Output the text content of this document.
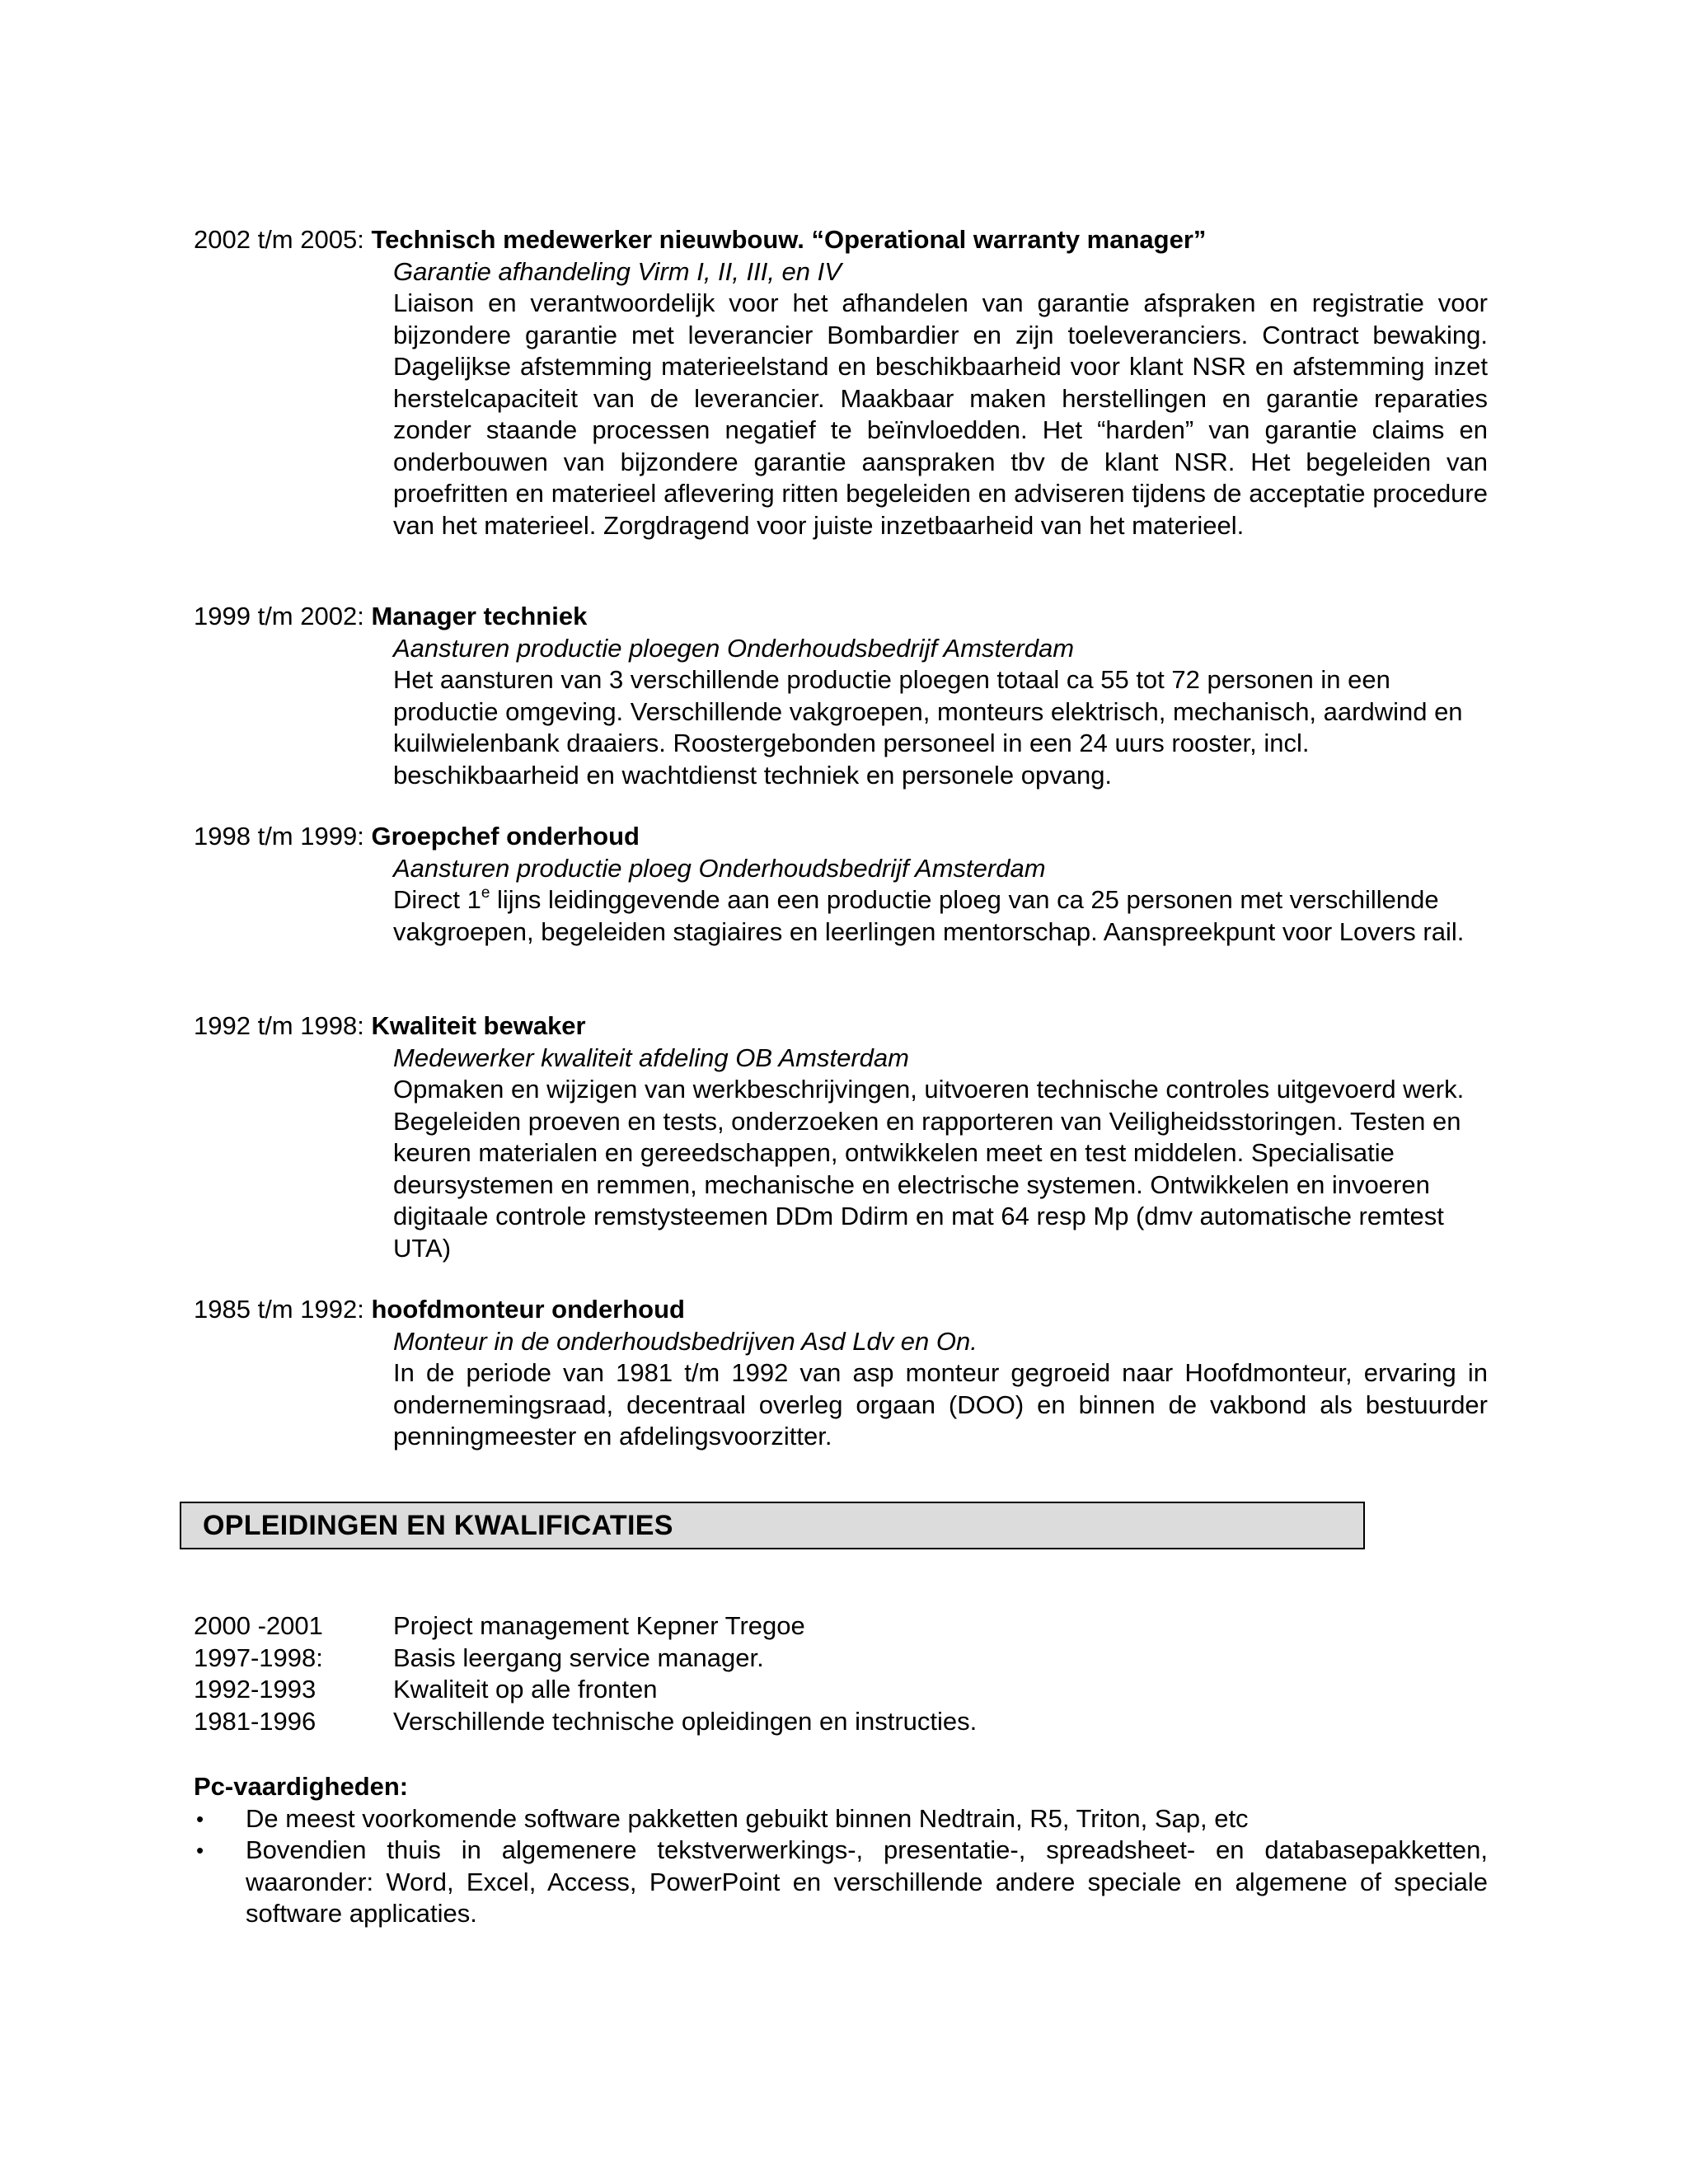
2002 t/m 2005: Technisch medewerker nieuwbouw. “Operational warranty manager”
Garantie afhandeling Virm I, II, III, en IV
Liaison en verantwoordelijk voor het afhandelen van garantie afspraken en registratie voor bijzondere garantie met leverancier Bombardier en zijn toeleveranciers. Contract bewaking. Dagelijkse afstemming materieelstand en beschikbaarheid voor klant NSR en afstemming inzet herstelcapaciteit van de leverancier. Maakbaar maken herstellingen en garantie reparaties zonder staande processen negatief te beïnvloedden. Het “harden” van garantie claims en onderbouwen van bijzondere garantie aanspraken tbv de klant NSR. Het begeleiden van proefritten en materieel aflevering ritten begeleiden en adviseren tijdens de acceptatie procedure van het materieel. Zorgdragend voor juiste inzetbaarheid van het materieel.
1999 t/m 2002: Manager techniek
Aansturen productie ploegen Onderhoudsbedrijf Amsterdam
Het aansturen van 3 verschillende productie ploegen totaal ca 55 tot 72 personen in een productie omgeving. Verschillende vakgroepen, monteurs elektrisch, mechanisch, aardwind en kuilwielenbank draaiers. Roostergebonden personeel in een 24 uurs rooster, incl. beschikbaarheid en wachtdienst techniek en personele opvang.
1998 t/m 1999: Groepchef onderhoud
Aansturen productie ploeg Onderhoudsbedrijf Amsterdam
Direct 1e lijns leidinggevende aan een productie ploeg van ca 25 personen met verschillende vakgroepen, begeleiden stagiaires en leerlingen mentorschap. Aanspreekpunt voor Lovers rail.
1992 t/m 1998: Kwaliteit bewaker
Medewerker kwaliteit afdeling OB Amsterdam
Opmaken en wijzigen van werkbeschrijvingen, uitvoeren technische controles uitgevoerd werk. Begeleiden proeven en tests, onderzoeken en rapporteren van Veiligheidsstoringen. Testen en keuren materialen en gereedschappen, ontwikkelen meet en test middelen. Specialisatie deursystemen en remmen, mechanische en electrische systemen. Ontwikkelen en invoeren digitaale controle remstysteemen DDm Ddirm en mat 64 resp Mp (dmv automatische remtest UTA)
1985 t/m 1992: hoofdmonteur onderhoud
Monteur in de onderhoudsbedrijven Asd Ldv en On.
In de periode van 1981 t/m 1992 van asp monteur gegroeid naar Hoofdmonteur, ervaring in ondernemingsraad, decentraal overleg orgaan (DOO) en binnen de vakbond als bestuurder penningmeester en afdelingsvoorzitter.
OPLEIDINGEN EN KWALIFICATIES
2000 -2001	Project management Kepner Tregoe
1997-1998:	Basis leergang service manager.
1992-1993	Kwaliteit op alle fronten
1981-1996	Verschillende technische opleidingen en instructies.
Pc-vaardigheden:
•	De meest voorkomende software pakketten gebuikt binnen Nedtrain, R5, Triton, Sap, etc
•	Bovendien thuis in algemenere tekstverwerkings-, presentatie-, spreadsheet- en databasepakketten, waaronder: Word, Excel, Access, PowerPoint en verschillende andere speciale en algemene of speciale software applicaties.
